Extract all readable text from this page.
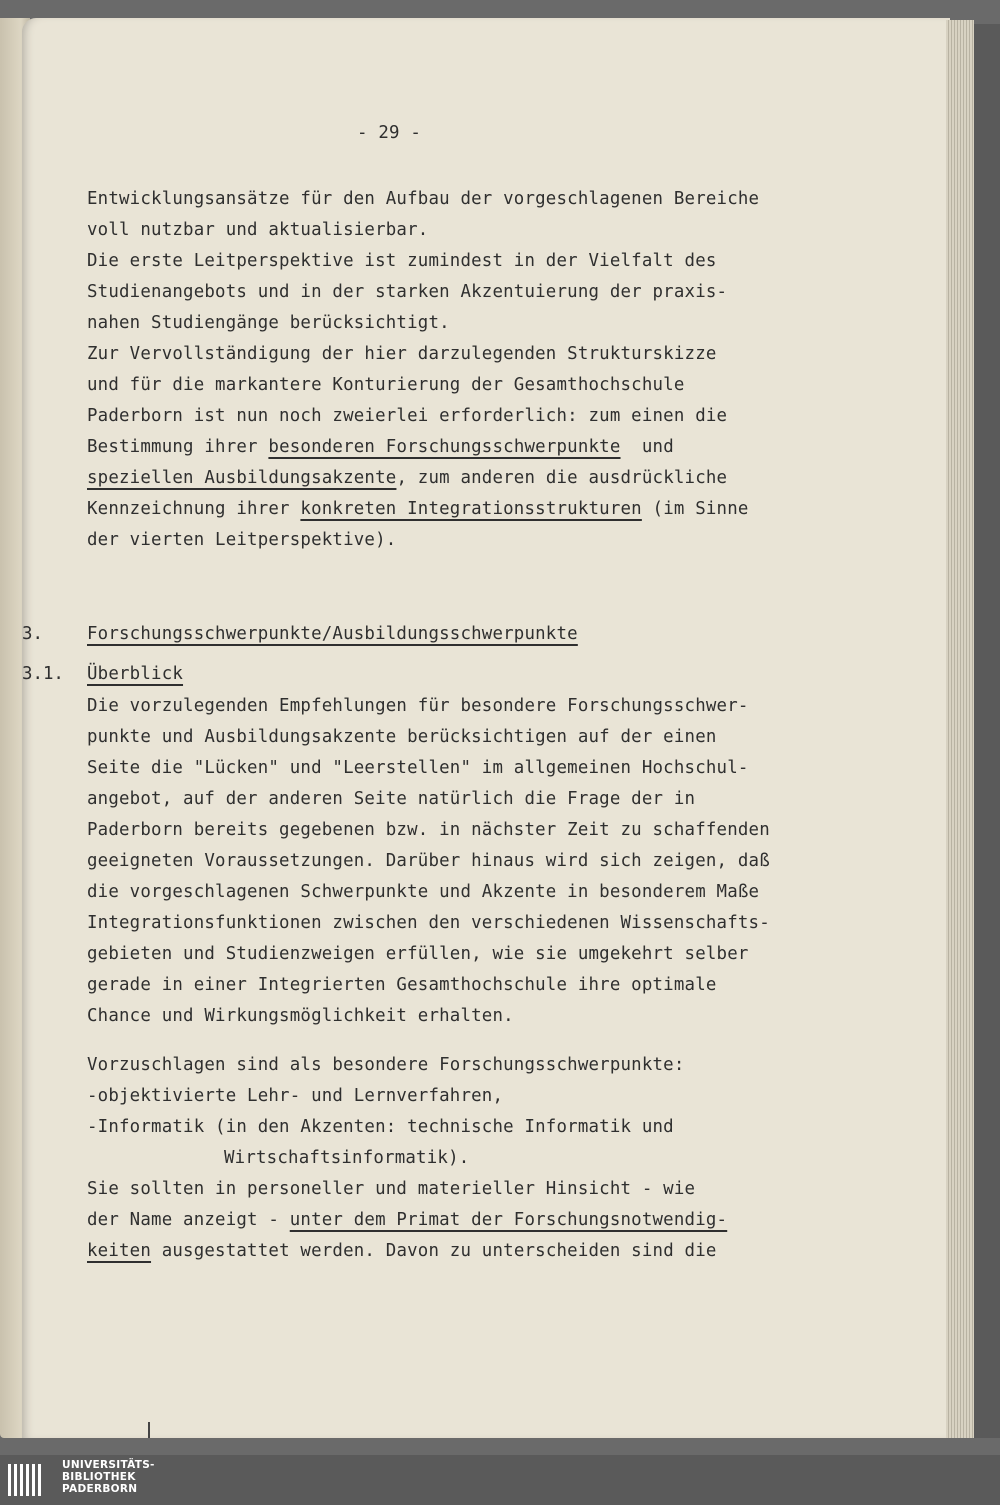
- 29 -

Entwicklungsansätze für den Aufbau der vorgeschlagenen Bereiche

voll nutzbar und aktualisierbar.

Die erste Leitperspektive ist zumindest in der Vielfalt des

Studienangebots und in der starken Akzentuierung der praxis-

nahen Studiengänge berücksichtigt.

Zur Vervollständigung der hier darzulegenden Strukturskizze

und für die markantere Konturierung der Gesamthochschule

Paderborn ist nun noch zweierlei erforderlich: zum einen die

Bestimmung ihrer besonderen Forschungsschwerpunkte  und

speziellen Ausbildungsakzente, zum anderen die ausdrückliche

Kennzeichnung ihrer konkreten Integrationsstrukturen (im Sinne

der vierten Leitperspektive).

3.	Forschungsschwerpunkte/Ausbildungsschwerpunkte

3.1. Überblick

Die vorzulegenden Empfehlungen für besondere Forschungsschwer-

punkte und Ausbildungsakzente berücksichtigen auf der einen

Seite die "Lücken" und "Leerstellen" im allgemeinen Hochschul-

angebot, auf der anderen Seite natürlich die Frage der in

Paderborn bereits gegebenen bzw. in nächster Zeit zu schaffenden

geeigneten Voraussetzungen. Darüber hinaus wird sich zeigen, daß

die vorgeschlagenen Schwerpunkte und Akzente in besonderem Maße

Integrationsfunktionen zwischen den verschiedenen Wissenschafts-

gebieten und Studienzweigen erfüllen, wie sie umgekehrt selber

gerade in einer Integrierten Gesamthochschule ihre optimale

Chance und Wirkungsmöglichkeit erhalten.

Vorzuschlagen sind als besondere Forschungsschwerpunkte:

-objektivierte Lehr- und Lernverfahren,

-Informatik (in den Akzenten: technische Informatik und

Wirtschaftsinformatik).

Sie sollten in personeller und materieller Hinsicht - wie

der Name anzeigt - unter dem Primat der Forschungsnotwendig-

keiten ausgestattet werden. Davon zu unterscheiden sind die

UNIVERSITÄTS-

BIBLIOTHEK

PADERBORN
